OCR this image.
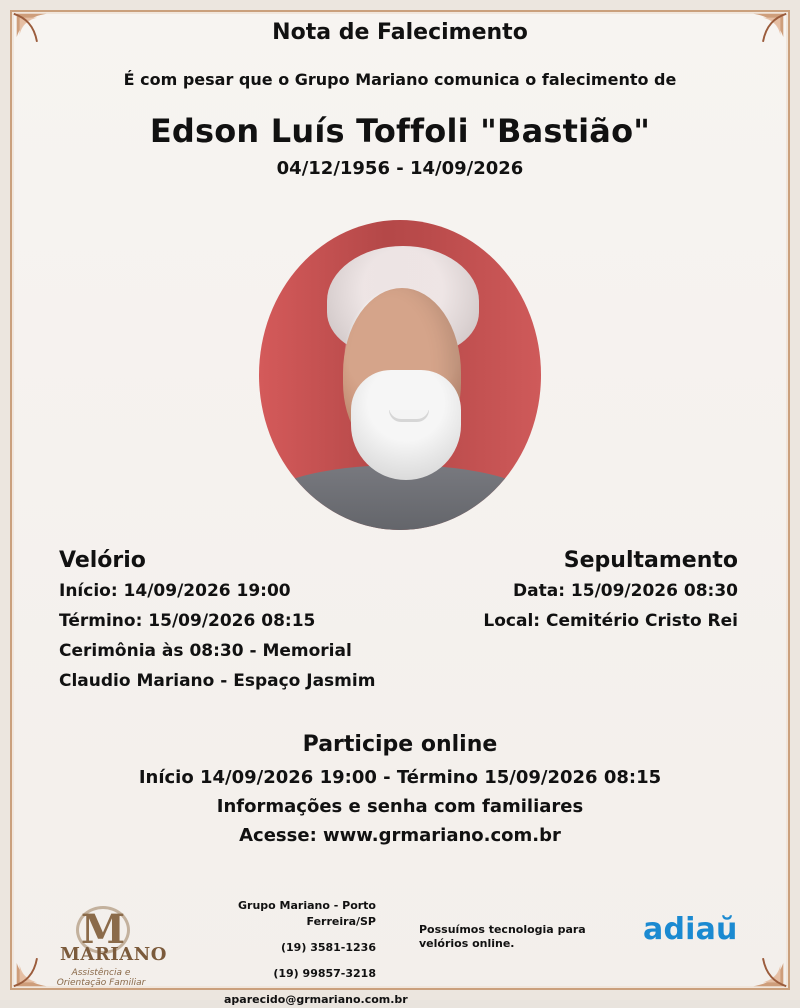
Nota de Falecimento
É com pesar que o Grupo Mariano comunica o falecimento de
Edson Luís Toffoli "Bastião"
04/12/1956 - 14/09/2026
Velório
Início: 14/09/2026 19:00
Término: 15/09/2026 08:15
Cerimônia às 08:30 - Memorial
Claudio Mariano - Espaço Jasmim
Sepultamento
Data: 15/09/2026 08:30
Local: Cemitério Cristo Rei
Participe online
Início 14/09/2026 19:00 - Término 15/09/2026 08:15
Informações e senha com familiares
Acesse: www.grmariano.com.br
M
MARIANO
Assistência e Orientação Familiar
Grupo Mariano - Porto Ferreira/SP
(19) 3581-1236
(19) 99857-3218
aparecido@grmariano.com.br
Possuímos tecnologia para velórios online.	adiaŭ
